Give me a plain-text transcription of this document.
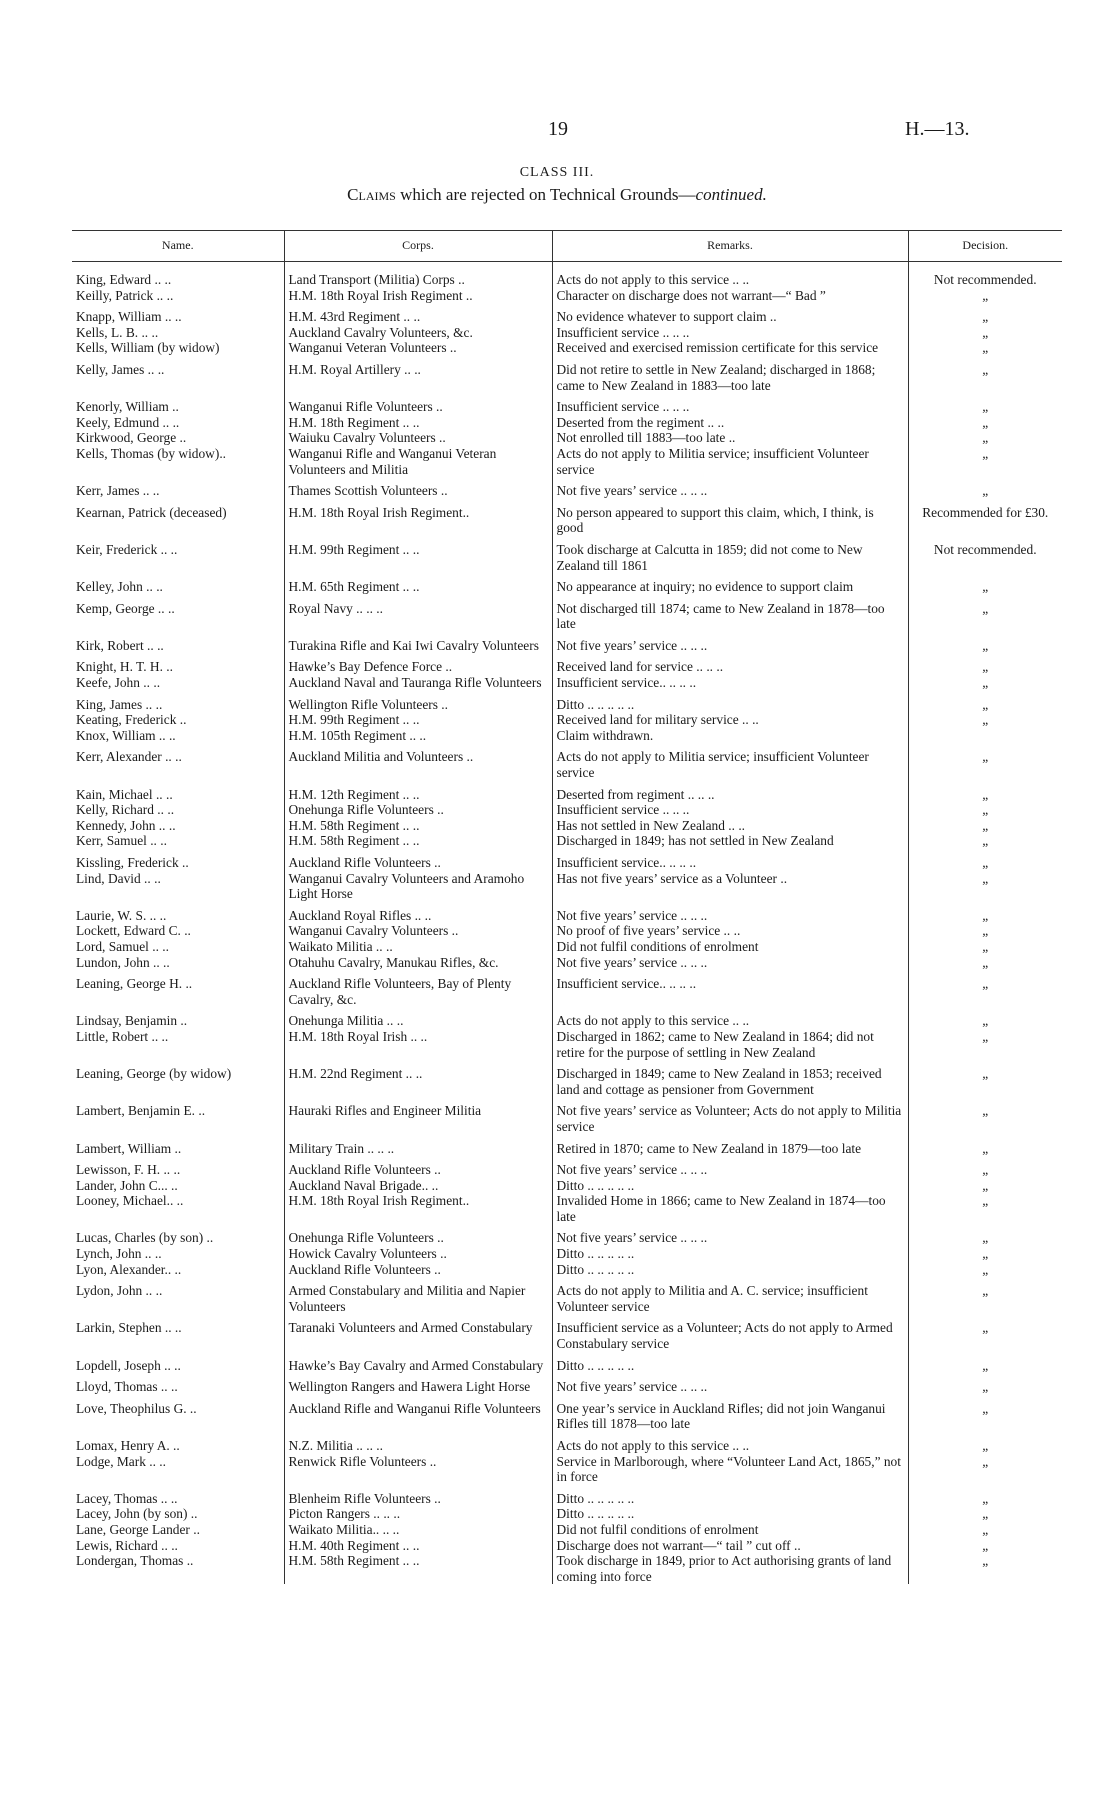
19	H.—13.
CLASS III.
Claims which are rejected on Technical Grounds—continued.
Name.	Corps.	Remarks.	Decision.

King, Edward .. ..	Land Transport (Militia) Corps ..	Acts do not apply to this service .. ..	Not recommended.
Keilly, Patrick .. ..	H.M. 18th Royal Irish Regiment ..	Character on discharge does not warrant—“ Bad ”	„
Knapp, William .. ..	H.M. 43rd Regiment .. ..	No evidence whatever to support claim ..	„
Kells, L. B. .. ..	Auckland Cavalry Volunteers, &c.	Insufficient service .. .. ..	„
Kells, William (by widow)	Wanganui Veteran Volunteers ..	Received and exercised remission certificate for this service	„
Kelly, James .. ..	H.M. Royal Artillery .. ..	Did not retire to settle in New Zealand; discharged in 1868; came to New Zealand in 1883—too late	„
Kenorly, William ..	Wanganui Rifle Volunteers ..	Insufficient service .. .. ..	„
Keely, Edmund .. ..	H.M. 18th Regiment .. ..	Deserted from the regiment .. ..	„
Kirkwood, George ..	Waiuku Cavalry Volunteers ..	Not enrolled till 1883—too late ..	„
Kells, Thomas (by widow)..	Wanganui Rifle and Wanganui Veteran Volunteers and Militia	Acts do not apply to Militia service; insufficient Volunteer service	„
Kerr, James .. ..	Thames Scottish Volunteers ..	Not five years’ service .. .. ..	„
Kearnan, Patrick (deceased)	H.M. 18th Royal Irish Regiment..	No person appeared to support this claim, which, I think, is good	Recommended for £30.
Keir, Frederick .. ..	H.M. 99th Regiment .. ..	Took discharge at Calcutta in 1859; did not come to New Zealand till 1861	Not recommended.
Kelley, John .. ..	H.M. 65th Regiment .. ..	No appearance at inquiry; no evidence to support claim	„
Kemp, George .. ..	Royal Navy .. .. ..	Not discharged till 1874; came to New Zealand in 1878—too late	„
Kirk, Robert .. ..	Turakina Rifle and Kai Iwi Cavalry Volunteers	Not five years’ service .. .. ..	„
Knight, H. T. H. ..	Hawke’s Bay Defence Force ..	Received land for service .. .. ..	„
Keefe, John .. ..	Auckland Naval and Tauranga Rifle Volunteers	Insufficient service.. .. .. ..	„
King, James .. ..	Wellington Rifle Volunteers ..	Ditto .. .. .. .. ..	„
Keating, Frederick ..	H.M. 99th Regiment .. ..	Received land for military service .. ..	„
Knox, William .. ..	H.M. 105th Regiment .. ..	Claim withdrawn.	
Kerr, Alexander .. ..	Auckland Militia and Volunteers ..	Acts do not apply to Militia service; insufficient Volunteer service	„
Kain, Michael .. ..	H.M. 12th Regiment .. ..	Deserted from regiment .. .. ..	„
Kelly, Richard .. ..	Onehunga Rifle Volunteers ..	Insufficient service .. .. ..	„
Kennedy, John .. ..	H.M. 58th Regiment .. ..	Has not settled in New Zealand .. ..	„
Kerr, Samuel .. ..	H.M. 58th Regiment .. ..	Discharged in 1849; has not settled in New Zealand	„
Kissling, Frederick ..	Auckland Rifle Volunteers ..	Insufficient service.. .. .. ..	„
Lind, David .. ..	Wanganui Cavalry Volunteers and Aramoho Light Horse	Has not five years’ service as a Volunteer ..	„
Laurie, W. S. .. ..	Auckland Royal Rifles .. ..	Not five years’ service .. .. ..	„
Lockett, Edward C. ..	Wanganui Cavalry Volunteers ..	No proof of five years’ service .. ..	„
Lord, Samuel .. ..	Waikato Militia .. ..	Did not fulfil conditions of enrolment	„
Lundon, John .. ..	Otahuhu Cavalry, Manukau Rifles, &c.	Not five years’ service .. .. ..	„
Leaning, George H. ..	Auckland Rifle Volunteers, Bay of Plenty Cavalry, &c.	Insufficient service.. .. .. ..	„
Lindsay, Benjamin ..	Onehunga Militia .. ..	Acts do not apply to this service .. ..	„
Little, Robert .. ..	H.M. 18th Royal Irish .. ..	Discharged in 1862; came to New Zealand in 1864; did not retire for the purpose of settling in New Zealand	„
Leaning, George (by widow)	H.M. 22nd Regiment .. ..	Discharged in 1849; came to New Zealand in 1853; received land and cottage as pensioner from Government	„
Lambert, Benjamin E. ..	Hauraki Rifles and Engineer Militia	Not five years’ service as Volunteer; Acts do not apply to Militia service	„
Lambert, William ..	Military Train .. .. ..	Retired in 1870; came to New Zealand in 1879—too late	„
Lewisson, F. H. .. ..	Auckland Rifle Volunteers ..	Not five years’ service .. .. ..	„
Lander, John C... ..	Auckland Naval Brigade.. ..	Ditto .. .. .. .. ..	„
Looney, Michael.. ..	H.M. 18th Royal Irish Regiment..	Invalided Home in 1866; came to New Zealand in 1874—too late	„
Lucas, Charles (by son) ..	Onehunga Rifle Volunteers ..	Not five years’ service .. .. ..	„
Lynch, John .. ..	Howick Cavalry Volunteers ..	Ditto .. .. .. .. ..	„
Lyon, Alexander.. ..	Auckland Rifle Volunteers ..	Ditto .. .. .. .. ..	„
Lydon, John .. ..	Armed Constabulary and Militia and Napier Volunteers	Acts do not apply to Militia and A. C. service; insufficient Volunteer service	„
Larkin, Stephen .. ..	Taranaki Volunteers and Armed Constabulary	Insufficient service as a Volunteer; Acts do not apply to Armed Constabulary service	„
Lopdell, Joseph .. ..	Hawke’s Bay Cavalry and Armed Constabulary	Ditto .. .. .. .. ..	„
Lloyd, Thomas .. ..	Wellington Rangers and Hawera Light Horse	Not five years’ service .. .. ..	„
Love, Theophilus G. ..	Auckland Rifle and Wanganui Rifle Volunteers	One year’s service in Auckland Rifles; did not join Wanganui Rifles till 1878—too late	„
Lomax, Henry A. ..	N.Z. Militia .. .. ..	Acts do not apply to this service .. ..	„
Lodge, Mark .. ..	Renwick Rifle Volunteers ..	Service in Marlborough, where “Volunteer Land Act, 1865,” not in force	„
Lacey, Thomas .. ..	Blenheim Rifle Volunteers ..	Ditto .. .. .. .. ..	„
Lacey, John (by son) ..	Picton Rangers .. .. ..	Ditto .. .. .. .. ..	„
Lane, George Lander ..	Waikato Militia.. .. ..	Did not fulfil conditions of enrolment	„
Lewis, Richard .. ..	H.M. 40th Regiment .. ..	Discharge does not warrant—“ tail ” cut off ..	„
Londergan, Thomas ..	H.M. 58th Regiment .. ..	Took discharge in 1849, prior to Act authorising grants of land coming into force	„
